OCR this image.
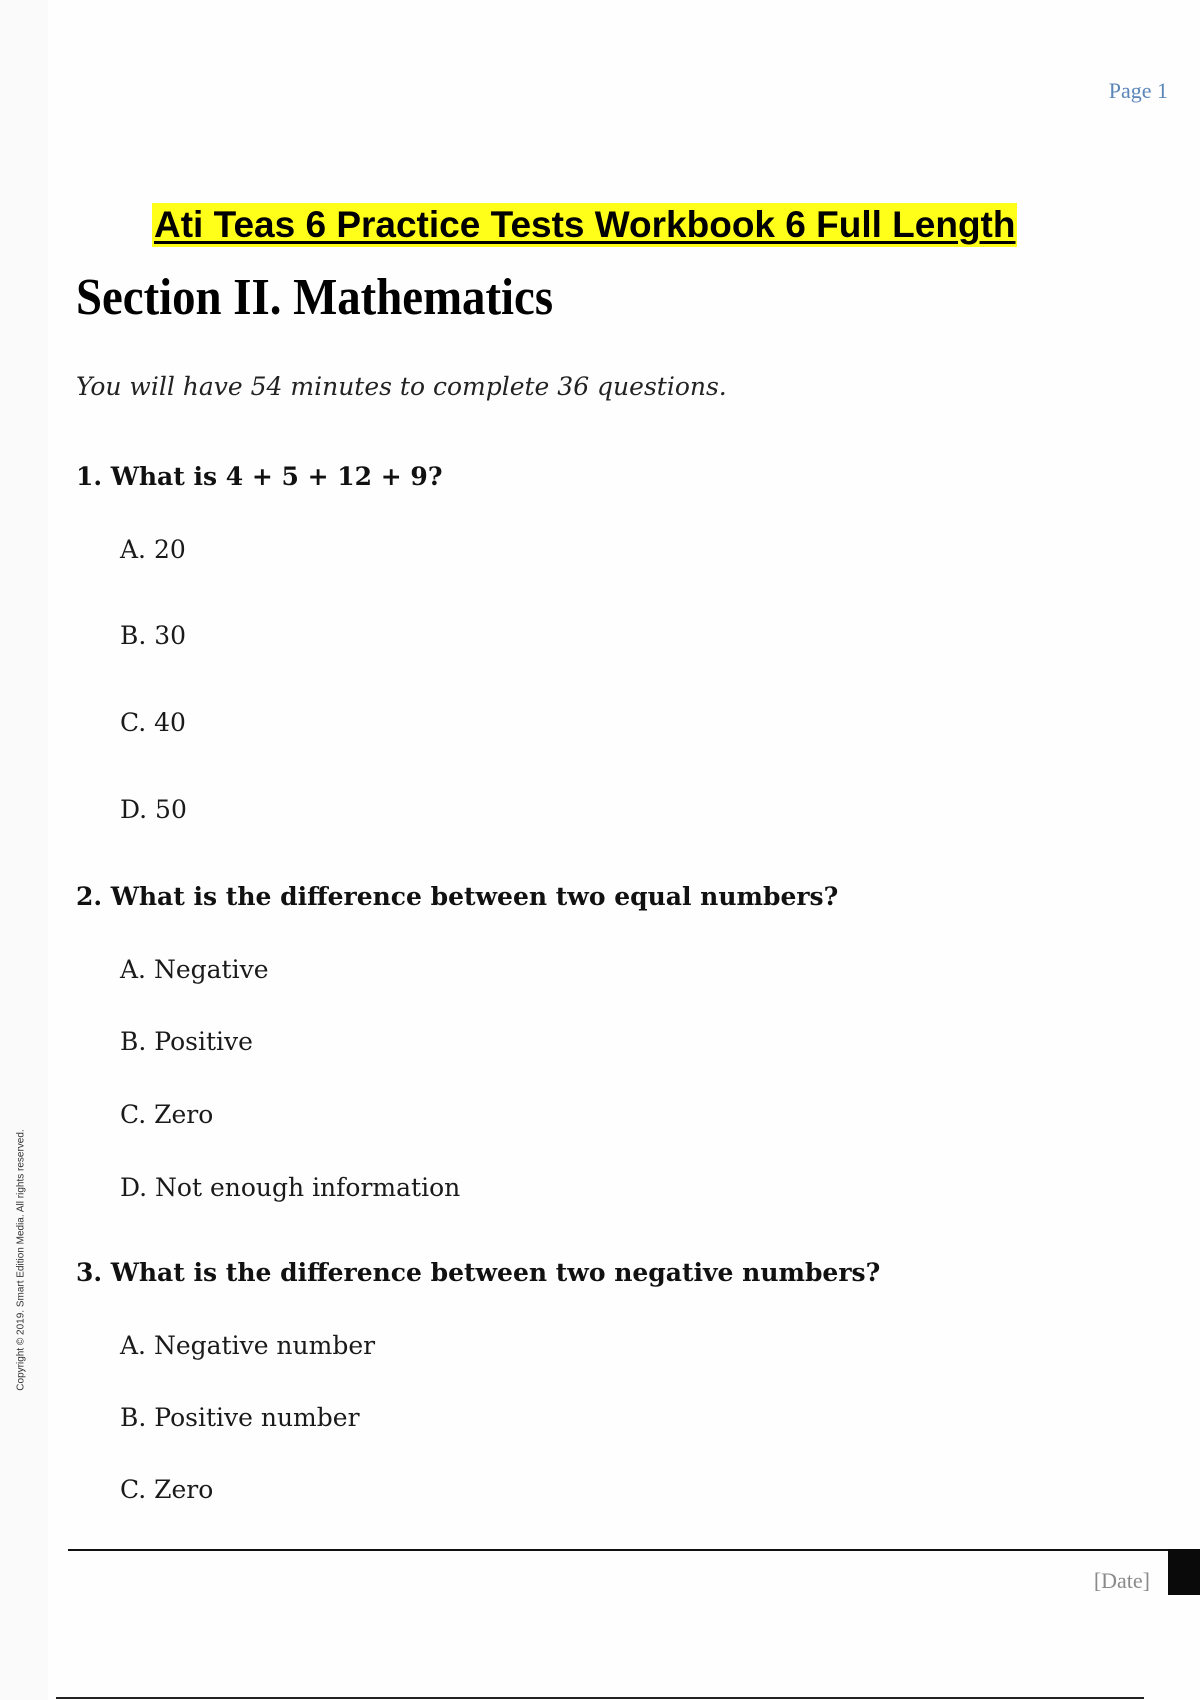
Page 1
Ati Teas 6 Practice Tests Workbook 6 Full Length
Section II. Mathematics
You will have 54 minutes to complete 36 questions.
1. What is 4 + 5 + 12 + 9?
A. 20
B. 30
C. 40
D. 50
2. What is the difference between two equal numbers?
A. Negative
B. Positive
C. Zero
D. Not enough information
3. What is the difference between two negative numbers?
A. Negative number
B. Positive number
C. Zero
[Date]
Copyright © 2019. Smart Edition Media. All rights reserved.
